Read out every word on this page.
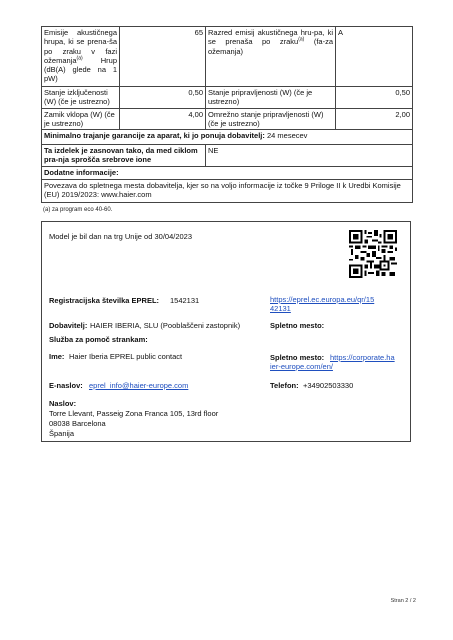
Emisije akustičnega hrupa, ki se prena-ša po zraku v fazi ožemanja$^{(a)}$ Hrup (dB(A) glede na 1 pW)	65	Razred emisij akustičnega hru-pa, ki se prenaša po zraku$^{(a)}$ (fa-za ožemanja)	A
Stanje izključenosti (W) (če je ustrezno)	0,50	Stanje pripravljenosti (W) (če je ustrezno)	0,50
Zamik vklopa (W) (če je ustrezno)	4,00	Omrežno stanje pripravljenosti (W) (če je ustrezno)	2,00
Minimalno trajanje garancije za aparat, ki jo ponuja dobavitelj: 24 mesecev			
Ta izdelek je zasnovan tako, da med ciklom pra-nja sprošča srebrove ione		NE	
Dodatne informacije:			
Povezava do spletnega mesta dobavitelja, kjer so na voljo informacije iz točke 9 Priloge II k Uredbi Komisije (EU) 2019/2023: www.haier.com			
Model je bil dan na trg Unije od 30/04/2023
Registracijska številka EPREL: 1542131	https://eprel.ec.europa.eu/qr/15
42131
Dobavitelj: HAIER IBERIA, SLU (Pooblaščeni zastopnik)	Spletno mesto:
Služba za pomoč strankam:
Ime: Haier Iberia EPREL public contact	Spletno mesto: https://corporate.ha
ier-europe.com/en/
E-naslov: eprel_info@haier-europe.com	Telefon: +34902503330
Naslov:
Torre Llevant, Passeig Zona Franca 105, 13rd floor
08038 Barcelona
Španija
(a) za program eco 40-60.
Stran 2 / 2
